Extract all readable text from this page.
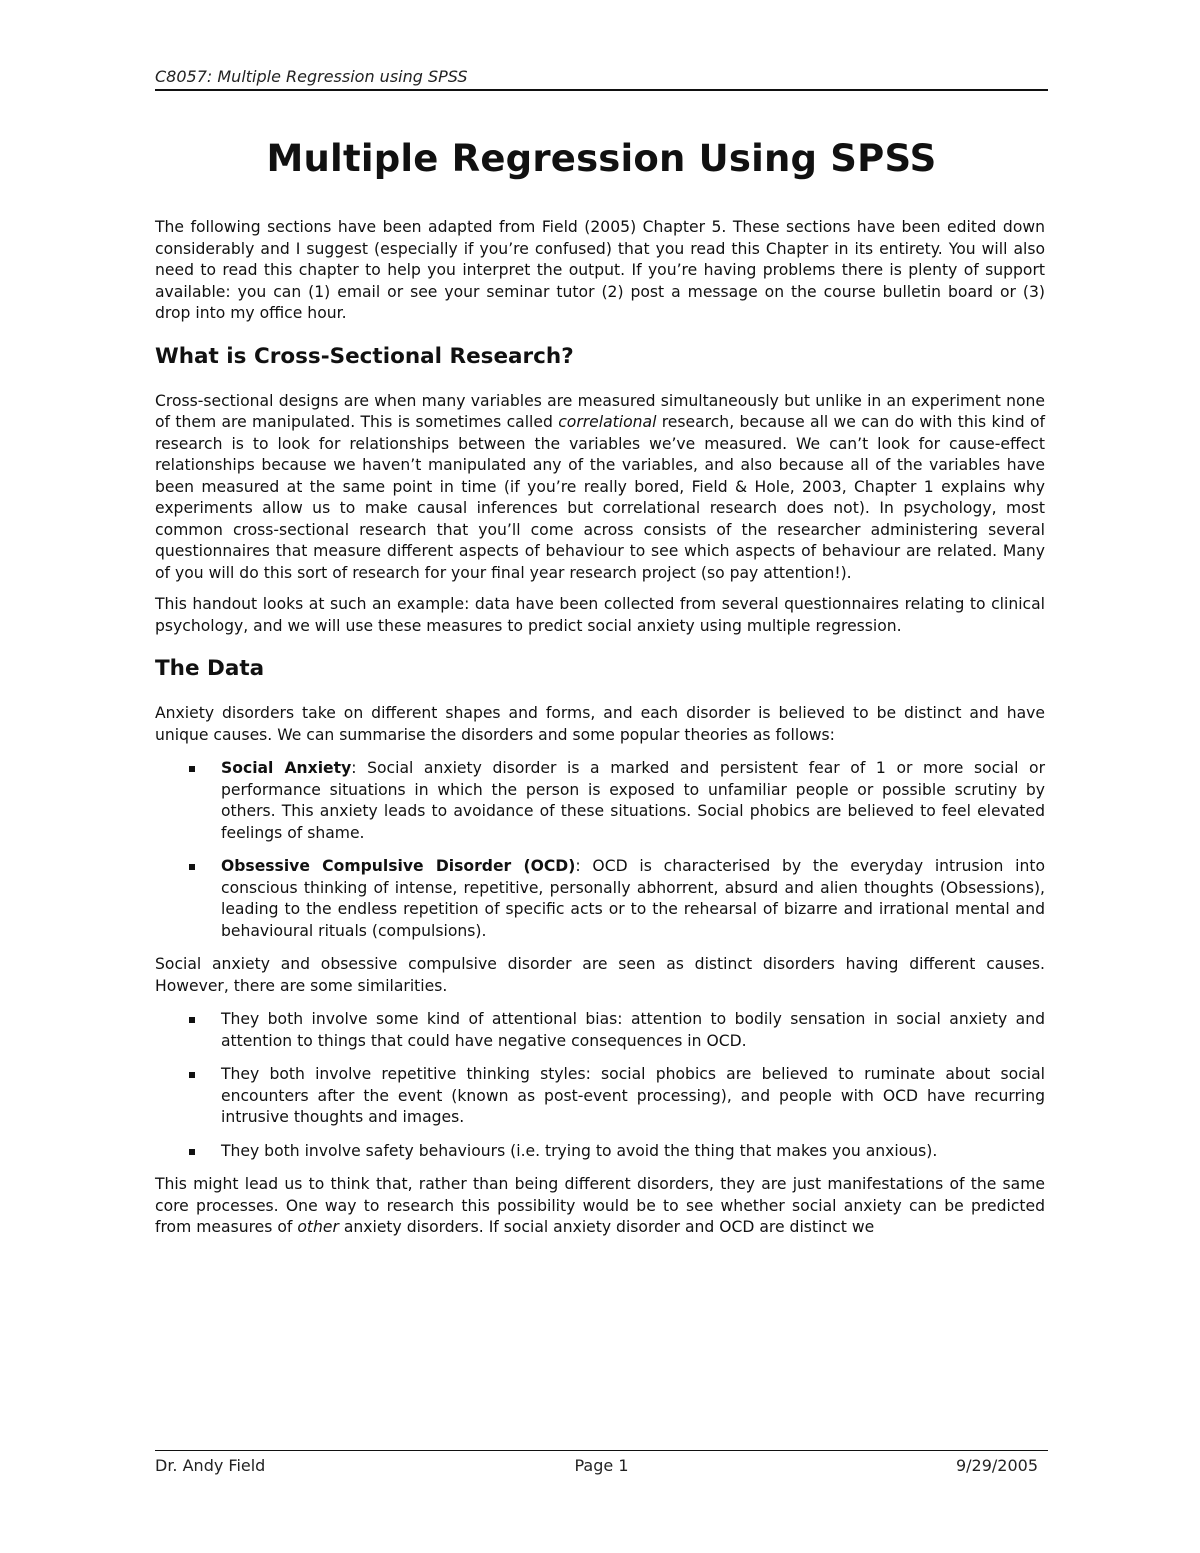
C8057: Multiple Regression using SPSS
Multiple Regression Using SPSS

The following sections have been adapted from Field (2005) Chapter 5. These sections have been edited down considerably and I suggest (especially if you’re confused) that you read this Chapter in its entirety. You will also need to read this chapter to help you interpret the output. If you’re having problems there is plenty of support available: you can (1) email or see your seminar tutor (2) post a message on the course bulletin board or (3) drop into my office hour.

What is Cross-Sectional Research?

Cross-sectional designs are when many variables are measured simultaneously but unlike in an experiment none of them are manipulated. This is sometimes called correlational research, because all we can do with this kind of research is to look for relationships between the variables we’ve measured. We can’t look for cause-effect relationships because we haven’t manipulated any of the variables, and also because all of the variables have been measured at the same point in time (if you’re really bored, Field & Hole, 2003, Chapter 1 explains why experiments allow us to make causal inferences but correlational research does not). In psychology, most common cross-sectional research that you’ll come across consists of the researcher administering several questionnaires that measure different aspects of behaviour to see which aspects of behaviour are related. Many of you will do this sort of research for your final year research project (so pay attention!).

This handout looks at such an example: data have been collected from several questionnaires relating to clinical psychology, and we will use these measures to predict social anxiety using multiple regression.

The Data

Anxiety disorders take on different shapes and forms, and each disorder is believed to be distinct and have unique causes. We can summarise the disorders and some popular theories as follows:

Social Anxiety: Social anxiety disorder is a marked and persistent fear of 1 or more social or performance situations in which the person is exposed to unfamiliar people or possible scrutiny by others. This anxiety leads to avoidance of these situations. Social phobics are believed to feel elevated feelings of shame.
Obsessive Compulsive Disorder (OCD): OCD is characterised by the everyday intrusion into conscious thinking of intense, repetitive, personally abhorrent, absurd and alien thoughts (Obsessions), leading to the endless repetition of specific acts or to the rehearsal of bizarre and irrational mental and behavioural rituals (compulsions).

Social anxiety and obsessive compulsive disorder are seen as distinct disorders having different causes. However, there are some similarities.

They both involve some kind of attentional bias: attention to bodily sensation in social anxiety and attention to things that could have negative consequences in OCD.
They both involve repetitive thinking styles: social phobics are believed to ruminate about social encounters after the event (known as post-event processing), and people with OCD have recurring intrusive thoughts and images.
They both involve safety behaviours (i.e. trying to avoid the thing that makes you anxious).

This might lead us to think that, rather than being different disorders, they are just manifestations of the same core processes. One way to research this possibility would be to see whether social anxiety can be predicted from measures of other anxiety disorders. If social anxiety disorder and OCD are distinct we

Dr. Andy Field	Page 1	9/29/2005
